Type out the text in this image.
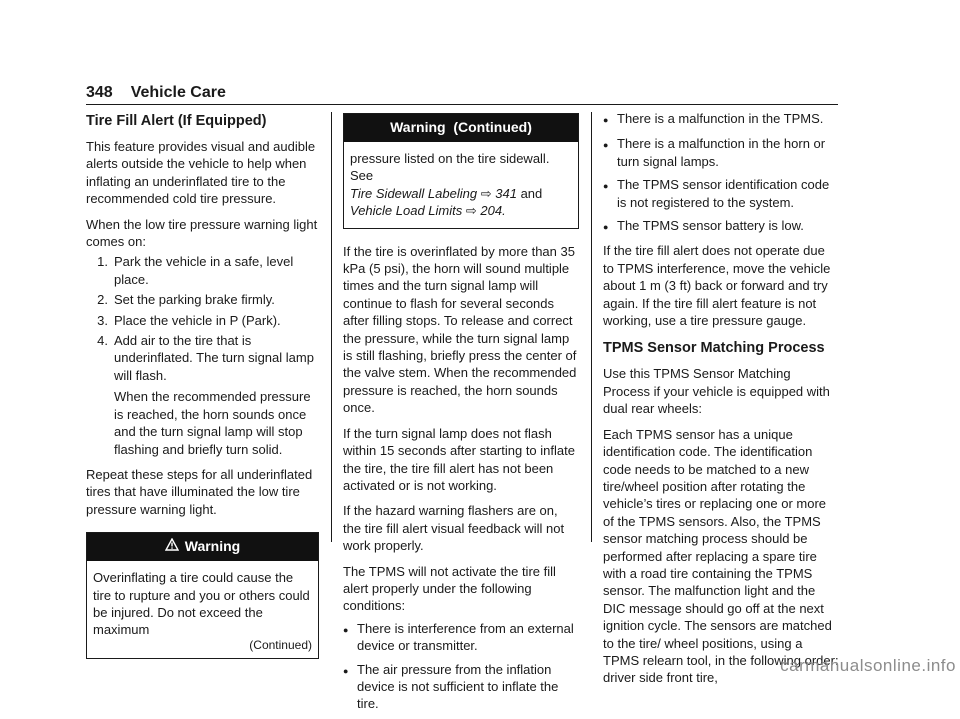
348 Vehicle Care
Tire Fill Alert (If Equipped)

This feature provides visual and audible alerts outside the vehicle to help when inflating an underinflated tire to the recommended cold tire pressure.

When the low tire pressure warning light comes on:

1. Park the vehicle in a safe, level place.
2. Set the parking brake firmly.
3. Place the vehicle in P (Park).
4. Add air to the tire that is underinflated. The turn signal lamp will flash.

When the recommended pressure is reached, the horn sounds once and the turn signal lamp will stop flashing and briefly turn solid.

Repeat these steps for all underinflated tires that have illuminated the low tire pressure warning light.

Warning
Overinflating a tire could cause the tire to rupture and you or others could be injured. Do not exceed the maximum
(Continued)
Warning  (Continued)
pressure listed on the tire sidewall. See
Tire Sidewall Labeling ⇨ 341 and
Vehicle Load Limits ⇨ 204.

If the tire is overinflated by more than 35 kPa (5 psi), the horn will sound multiple times and the turn signal lamp will continue to flash for several seconds after filling stops. To release and correct the pressure, while the turn signal lamp is still flashing, briefly press the center of the valve stem. When the recommended pressure is reached, the horn sounds once.

If the turn signal lamp does not flash within 15 seconds after starting to inflate the tire, the tire fill alert has not been activated or is not working.

If the hazard warning flashers are on, the tire fill alert visual feedback will not work properly.

The TPMS will not activate the tire fill alert properly under the following conditions:

● There is interference from an external device or transmitter.
● The air pressure from the inflation device is not sufficient to inflate the tire.
● There is a malfunction in the TPMS.
● There is a malfunction in the horn or turn signal lamps.
● The TPMS sensor identification code is not registered to the system.
● The TPMS sensor battery is low.

If the tire fill alert does not operate due to TPMS interference, move the vehicle about 1 m (3 ft) back or forward and try again. If the tire fill alert feature is not working, use a tire pressure gauge.

TPMS Sensor Matching Process

Use this TPMS Sensor Matching Process if your vehicle is equipped with dual rear wheels:

Each TPMS sensor has a unique identification code. The identification code needs to be matched to a new tire/wheel position after rotating the vehicle’s tires or replacing one or more of the TPMS sensors. Also, the TPMS sensor matching process should be performed after replacing a spare tire with a road tire containing the TPMS sensor. The malfunction light and the DIC message should go off at the next ignition cycle. The sensors are matched to the tire/ wheel positions, using a TPMS relearn tool, in the following order: driver side front tire,

carmanualsonline.info
